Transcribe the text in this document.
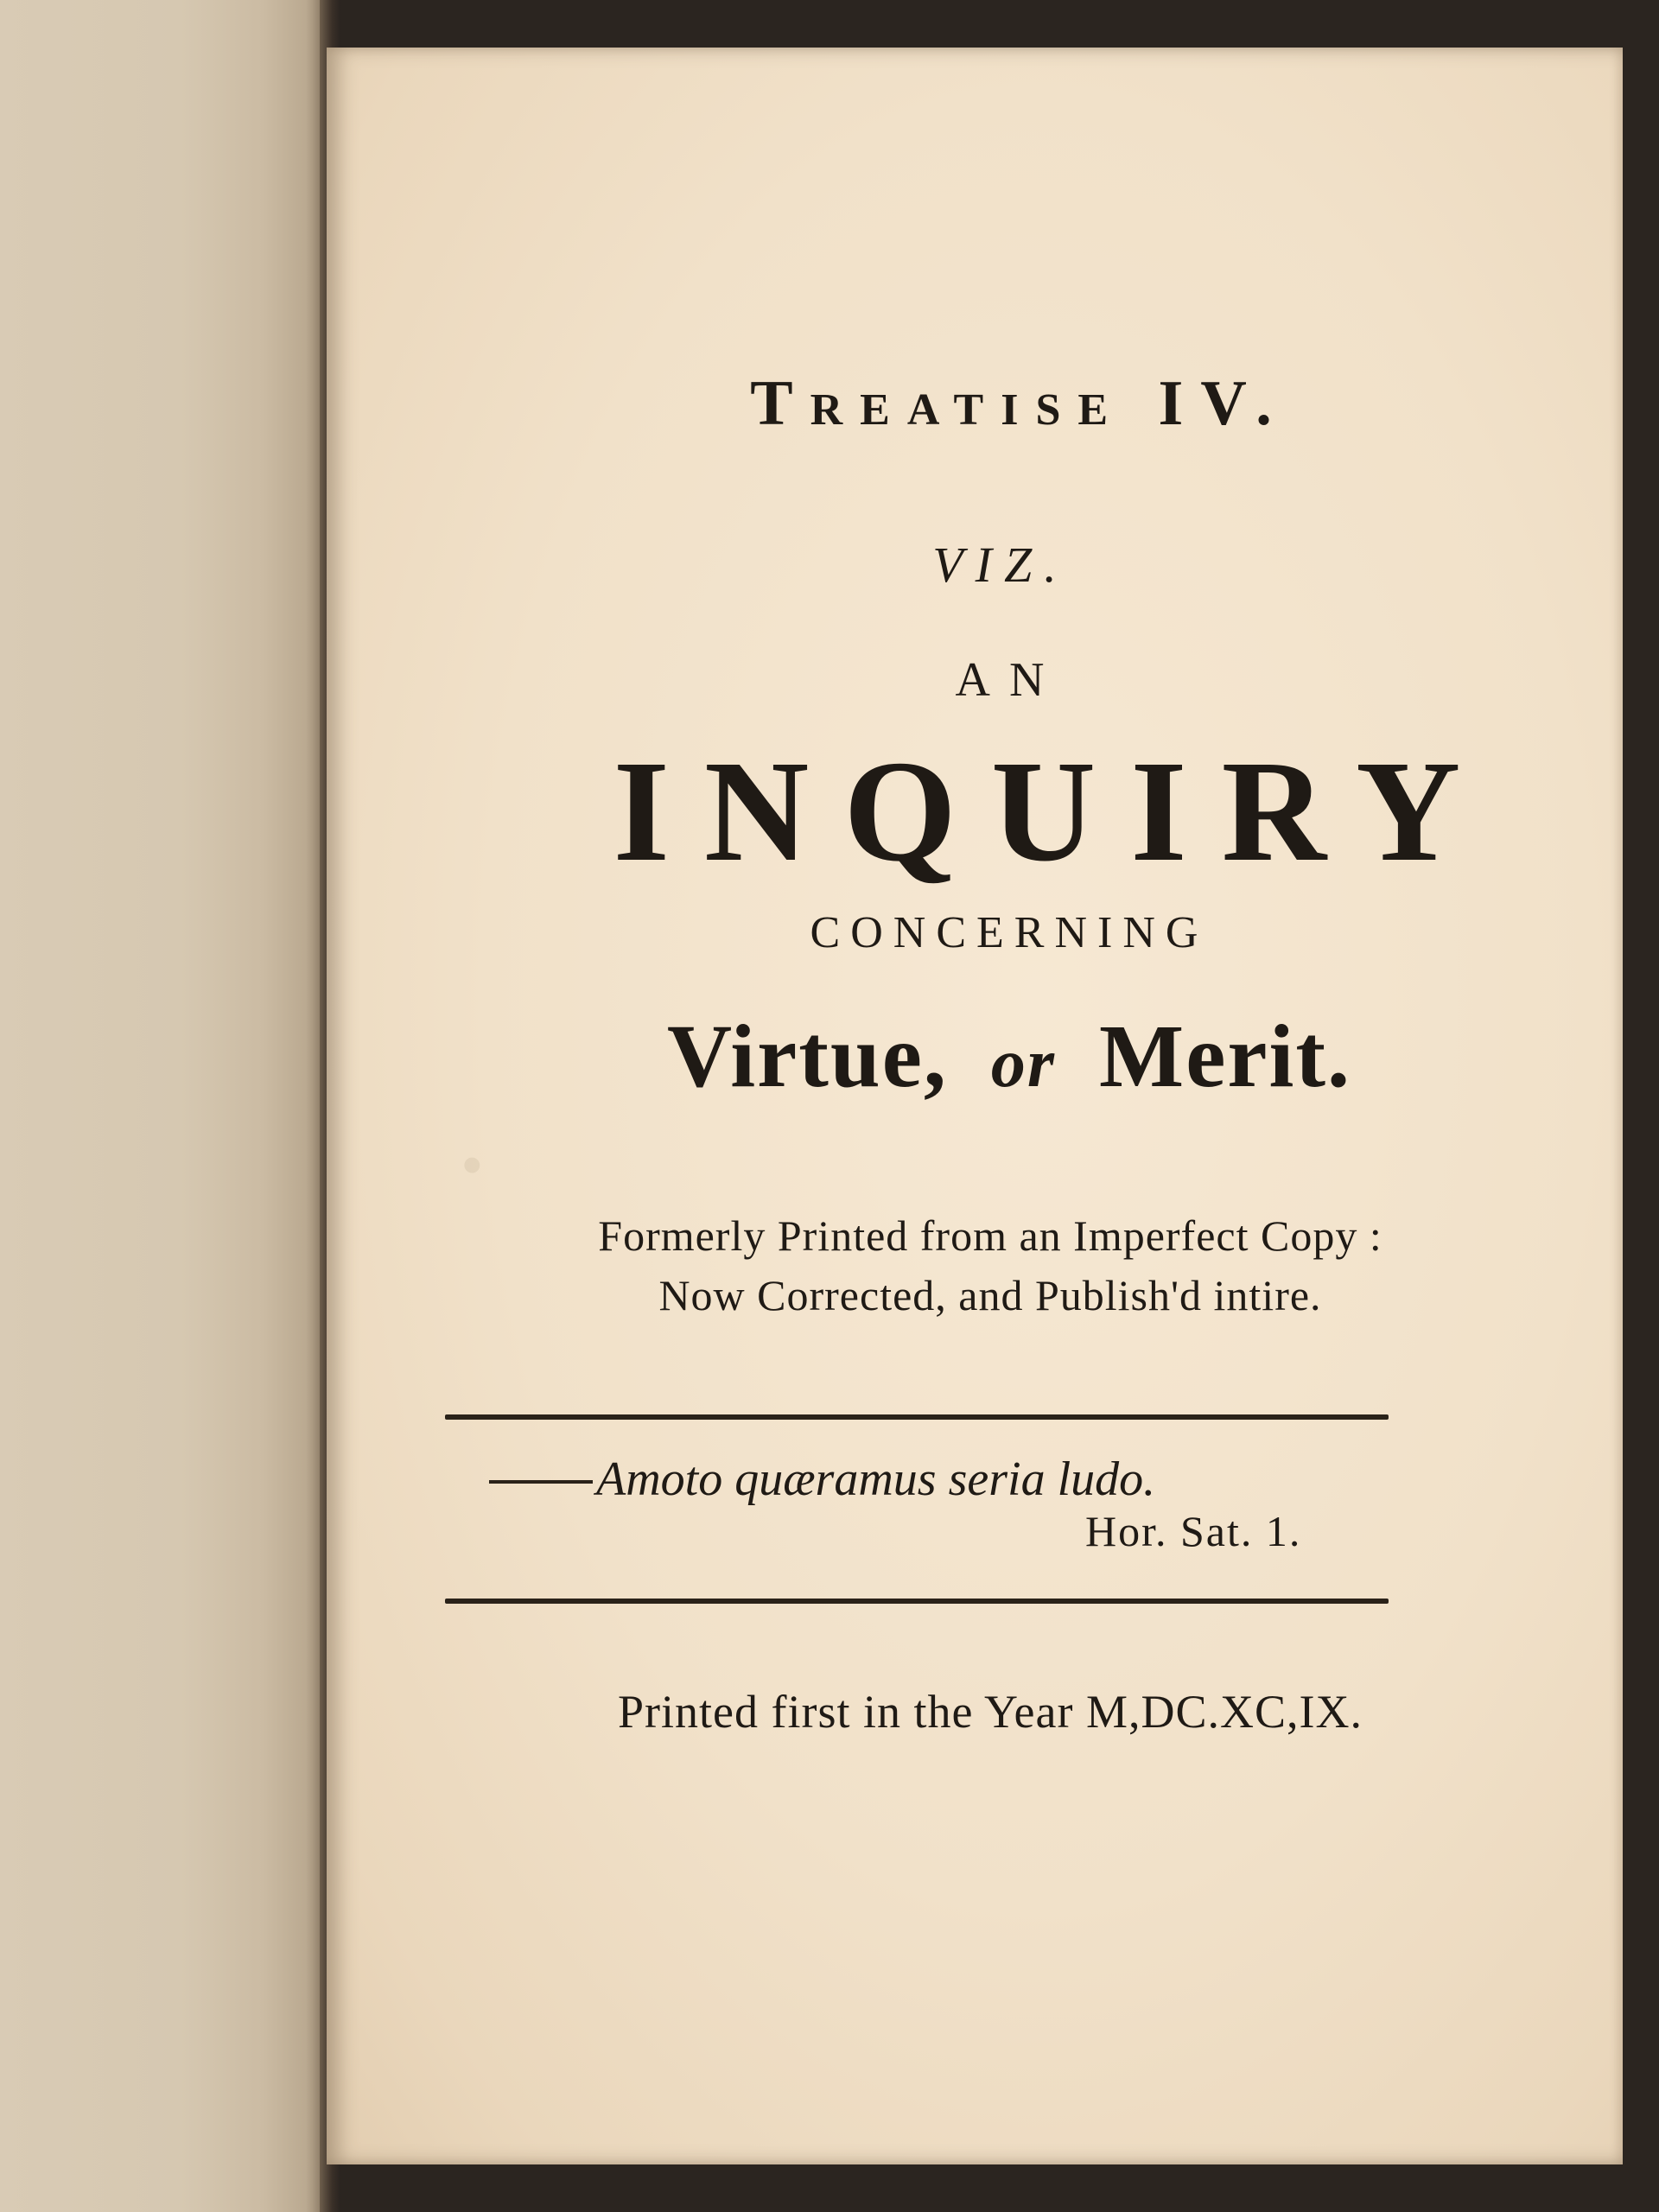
·
Treatise IV.
VIZ.
AN
INQUIRY
CONCERNING
Virtue, or Merit.
Formerly Printed from an Imperfect Copy :
Now Corrected, and Publish'd intire.
Amoto quæramus seria ludo.
Hor. Sat. 1.
Printed first in the Year M,DC.XC,IX.
